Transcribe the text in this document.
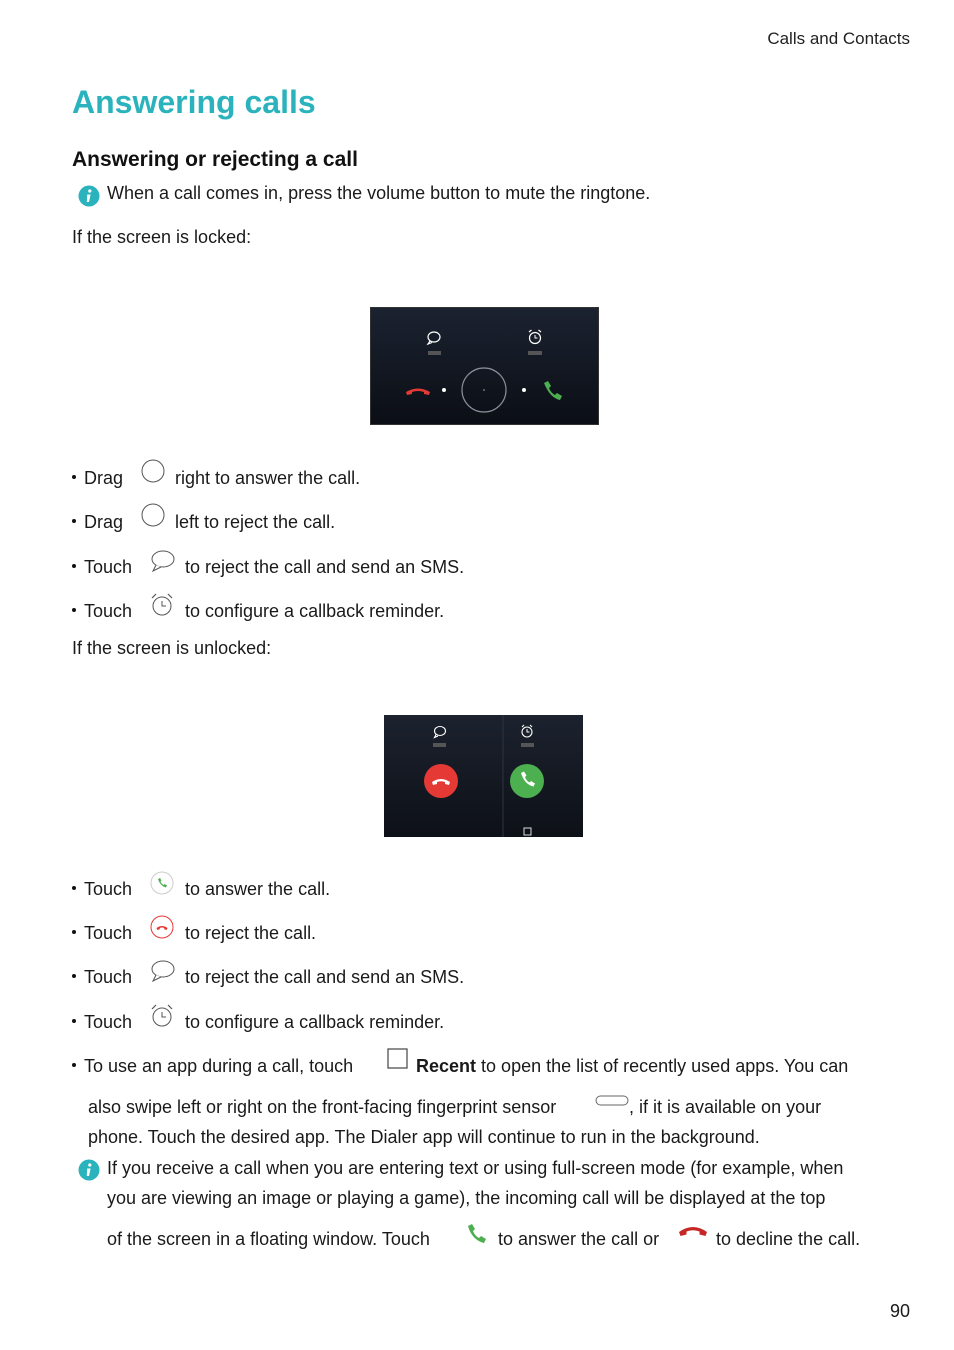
Calls and Contacts
Answering calls
Answering or rejecting a call
When a call comes in, press the volume button to mute the ringtone.
If the screen is locked:
Drag	right to answer the call.
Drag	left to reject the call.
Touch	to reject the call and send an SMS.
Touch	to configure a callback reminder.
If the screen is unlocked:
Touch	to answer the call.
Touch	to reject the call.
Touch	to reject the call and send an SMS.
Touch	to configure a callback reminder.
To use an app during a call, touch	Recent to open the list of recently used apps. You can
also swipe left or right on the front-facing fingerprint sensor	, if it is available on your
phone. Touch the desired app. The Dialer app will continue to run in the background.
If you receive a call when you are entering text or using full-screen mode (for example, when
you are viewing an image or playing a game), the incoming call will be displayed at the top
of the screen in a floating window. Touch	to answer the call or	to decline the call.
90
